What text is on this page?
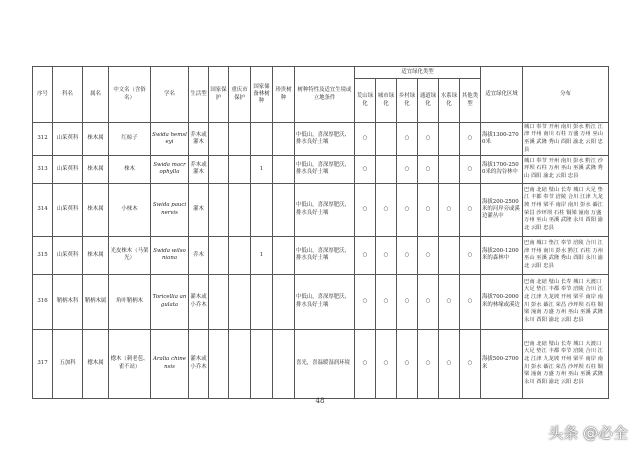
序号	科名	属名	中文名（含俗名）	学名	生活型	国家保护	重庆市保护	国家储备林树种	珍贵树种	树种特性及适宜生境或立地条件	适宜绿化类型						适宜绿化区域	分布
											荒山绿化	城市绿化	乡村绿化	通道绿化	水系绿化	其他类型		
312	山茱萸科	梾木属	红椋子	Swida hemsleyi	乔木或灌木					中低山，喜深厚肥沃、排水良好土壤	○		○	○		○	海拔1300-2700米	城口 奉节 开州 南川 彭水 黔江 江津 开州 南川 石柱 万盛 万州 巫山 巫溪 武隆 秀山 酉阳 渝北 云阳 忠县
313	山茱萸科	梾木属	梾木	Swida macrophylla	乔木或灌木			1		中低山，喜深厚肥沃、排水良好土壤	○		○	○		○	海拔1700-2500米的沟谷林中	城口 奉节 开州 南川 彭水 黔江 沙坪坝 石柱 万州 巫山 巫溪 武隆 秀山 酉阳 渝北 云阳 忠县
314	山茱萸科	梾木属	小梾木	Swida paucinervis	灌木					中低山，喜深厚肥沃、排水良好土壤	○	○	○	○	○	○	海拔200-2500米的河岸旁或溪边灌丛中	巴南 北碚 璧山 长寿 城口 大足 垫江 丰都 奉节 涪陵 合川 江津 九龙坡 开州 梁平 南岸 南川 彭水 綦江 荣昌 沙坪坝 石柱 铜梁 潼南 万盛 万州 巫山 巫溪 武隆 永川 酉阳 渝北 云阳 忠县
315	山茱萸科	梾木属	光皮梾木（马架光）	Swida wilsoniana	乔木			1		中低山，喜深厚肥沃、排水良好土壤	○	○	○	○		○	海拔200-1200米的森林中	巴南 城口 垫江 奉节 涪陵 合川 江津 开州 南川 彭水 黔江 石柱 万州 巫山 巫溪 武隆 秀山 酉阳 永川 渝北 云阳 忠县
316	鞘柄木科	鞘柄木属	角叶鞘柄木	Toricellia angulata	灌木或小乔木					中低山，喜深厚肥沃、排水良好土壤	○	○	○	○	○	○	海拔700-2000米的林缘或溪边	巴南 北碚 璧山 长寿 城口 大渡口 大足 垫江 丰都 奉节 涪陵 合川 江北 江津 九龙坡 开州 梁平 南岸 南川 彭水 綦江 荣昌 沙坪坝 石柱 铜梁 潼南 万盛 万州 巫山 巫溪 武隆 永川 酉阳 渝北 云阳 忠县
317	五加科	楤木属	楤木（刺老苞、雀不站）	Aralia chinensis	灌木或小乔木					喜光，喜温暖湿润环境	○	○	○	○	○	○	海拔500-2700米	巴南 北碚 璧山 长寿 城口 大渡口 大足 垫江 丰都 奉节 涪陵 合川 江北 江津 九龙坡 开州 梁平 南岸 南川 彭水 綦江 荣昌 沙坪坝 石柱 铜梁 潼南 万盛 万州 巫山 巫溪 武隆 永川 酉阳 渝北 云阳 忠县
48
头条 @必全
